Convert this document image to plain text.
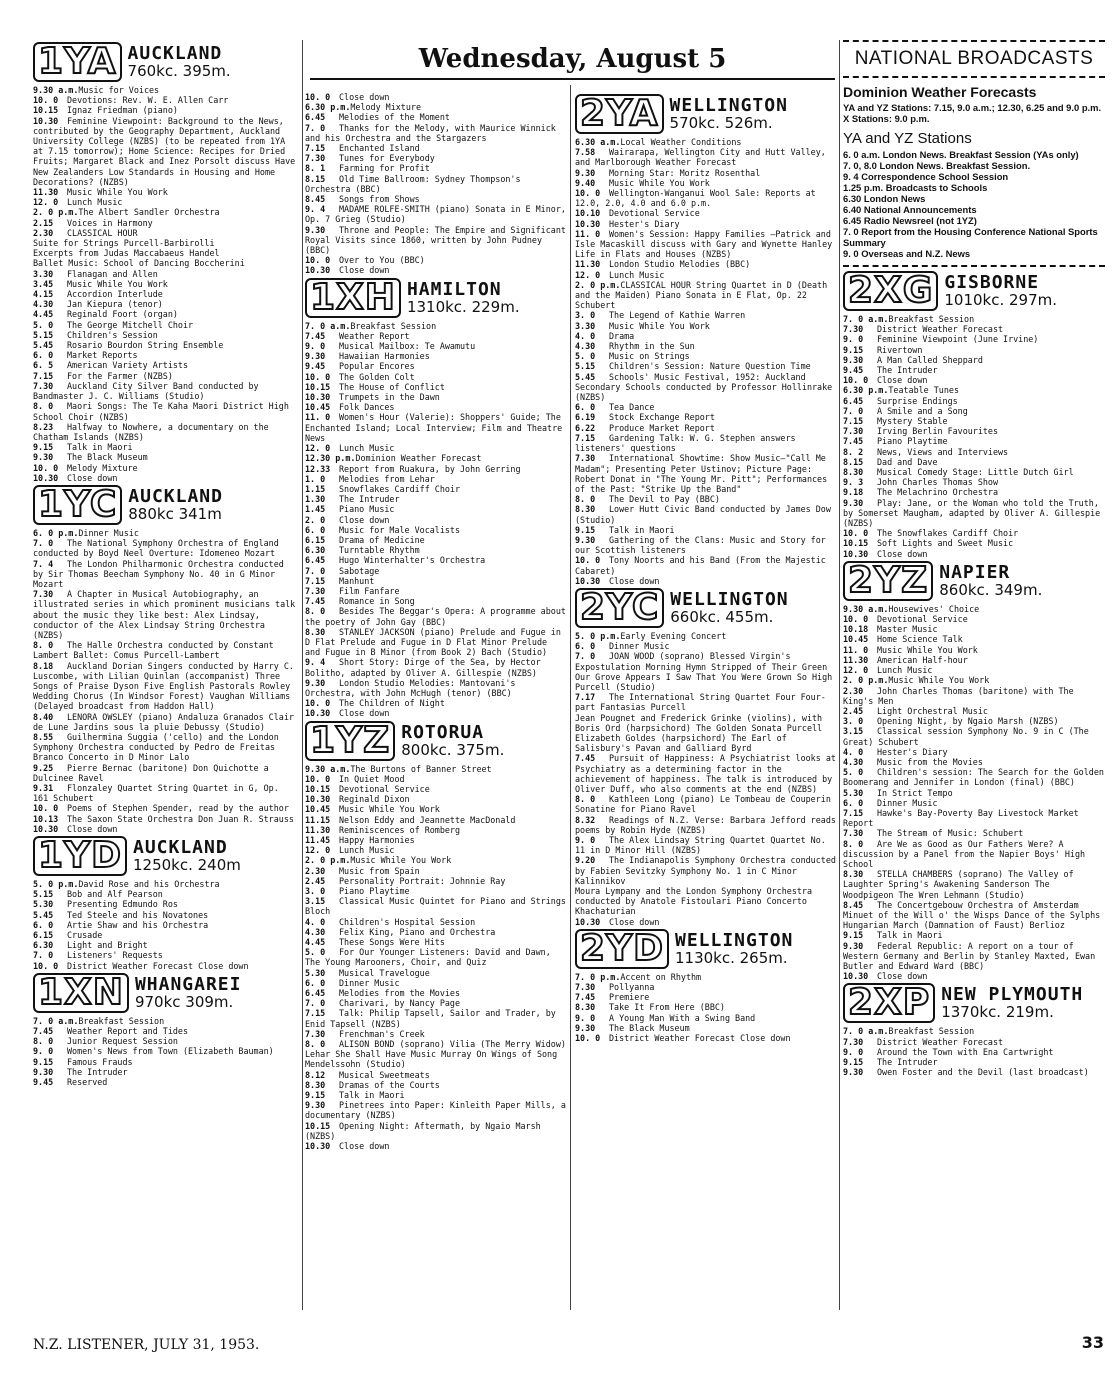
Wednesday, August 5
1YA AUCKLAND
760kc. 395m.
9.30 a.m.Music for Voices
10. 0Devotions: Rev. W. E. Allen Carr
10.15Ignaz Friedman (piano)
10.30Feminine Viewpoint: Background to the News, contributed by the Geography Department, Auckland University College (NZBS) (to be repeated from 1YA at 7.15 tomorrow); Home Science: Recipes for Dried Fruits; Margaret Black and Inez Porsolt discuss Have New Zealanders Low Standards in Housing and Home Decorations? (NZBS)
11.30Music While You Work
12. 0Lunch Music
2. 0 p.m.The Albert Sandler Orchestra
2.15Voices in Harmony
2.30CLASSICAL HOUR
Suite for Strings Purcell-Barbirolli
Excerpts from Judas Maccabaeus Handel
Ballet Music: School of Dancing Boccherini
3.30Flanagan and Allen
3.45Music While You Work
4.15Accordion Interlude
4.30Jan Kiepura (tenor)
4.45Reginald Foort (organ)
5. 0The George Mitchell Choir
5.15Children's Session
5.45Rosario Bourdon String Ensemble
6. 0Market Reports
6. 5American Variety Artists
7.15For the Farmer (NZBS)
7.30Auckland City Silver Band conducted by Bandmaster J. C. Williams (Studio)
8. 0Maori Songs: The Te Kaha Maori District High School Choir (NZBS)
8.23Halfway to Nowhere, a documentary on the Chatham Islands (NZBS)
9.15Talk in Maori
9.30The Black Museum
10. 0Melody Mixture
10.30Close down
1YC AUCKLAND
880kc 341m
6. 0 p.m.Dinner Music
7. 0The National Symphony Orchestra of England conducted by Boyd Neel Overture: Idomeneo Mozart
7. 4The London Philharmonic Orchestra conducted by Sir Thomas Beecham Symphony No. 40 in G Minor Mozart
7.30A Chapter in Musical Autobiography, an illustrated series in which prominent musicians talk about the music they like best: Alex Lindsay, conductor of the Alex Lindsay String Orchestra (NZBS)
8. 0The Halle Orchestra conducted by Constant Lambert Ballet: Comus Purcell-Lambert
8.18Auckland Dorian Singers conducted by Harry C. Luscombe, with Lilian Quinlan (accompanist) Three Songs of Praise Dyson Five English Pastorals Rowley Wedding Chorus (In Windsor Forest) Vaughan Williams (Delayed broadcast from Haddon Hall)
8.40LENORA OWSLEY (piano) Andaluza Granados Clair de Lune Jardins sous la pluie Debussy (Studio)
8.55Guilhermina Suggia ('cello) and the London Symphony Orchestra conducted by Pedro de Freitas Branco Concerto in D Minor Lalo
9.25Pierre Bernac (baritone) Don Quichotte a Dulcinee Ravel
9.31Flonzaley Quartet String Quartet in G, Op. 161 Schubert
10. 0Poems of Stephen Spender, read by the author
10.13The Saxon State Orchestra Don Juan R. Strauss
10.30Close down
1YD AUCKLAND
1250kc. 240m
5. 0 p.m.David Rose and his Orchestra
5.15Bob and Alf Pearson
5.30Presenting Edmundo Ros
5.45Ted Steele and his Novatones
6. 0Artie Shaw and his Orchestra
6.15Crusade
6.30Light and Bright
7. 0Listeners' Requests
10. 0District Weather Forecast Close down
1XN WHANGAREI
970kc 309m.
7. 0 a.m.Breakfast Session
7.45Weather Report and Tides
8. 0Junior Request Session
9. 0Women's News from Town (Elizabeth Bauman)
9.15Famous Frauds
9.30The Intruder
9.45Reserved
10. 0Close down
6.30 p.m.Melody Mixture
6.45Melodies of the Moment
7. 0Thanks for the Melody, with Maurice Winnick and his Orchestra and the Stargazers
7.15Enchanted Island
7.30Tunes for Everybody
8. 1Farming for Profit
8.15Old Time Ballroom: Sydney Thompson's Orchestra (BBC)
8.45Songs from Shows
9. 4MADAME ROLFE-SMITH (piano) Sonata in E Minor, Op. 7 Grieg (Studio)
9.30Throne and People: The Empire and Significant Royal Visits since 1860, written by John Pudney (BBC)
10. 0Over to You (BBC)
10.30Close down
1XH HAMILTON
1310kc. 229m.
7. 0 a.m.Breakfast Session
7.45Weather Report
9. 0Musical Mailbox: Te Awamutu
9.30Hawaiian Harmonies
9.45Popular Encores
10. 0The Golden Colt
10.15The House of Conflict
10.30Trumpets in the Dawn
10.45Folk Dances
11. 0Women's Hour (Valerie): Shoppers' Guide; The Enchanted Island; Local Interview; Film and Theatre News
12. 0Lunch Music
12.30 p.m.Dominion Weather Forecast
12.33Report from Ruakura, by John Gerring
1. 0Melodies from Lehar
1.15Snowflakes Cardiff Choir
1.30The Intruder
1.45Piano Music
2. 0Close down
6. 0Music for Male Vocalists
6.15Drama of Medicine
6.30Turntable Rhythm
6.45Hugo Winterhalter's Orchestra
7. 0Sabotage
7.15Manhunt
7.30Film Fanfare
7.45Romance in Song
8. 0Besides The Beggar's Opera: A programme about the poetry of John Gay (BBC)
8.30STANLEY JACKSON (piano) Prelude and Fugue in D Flat Prelude and Fugue in D Flat Minor Prelude and Fugue in B Minor (from Book 2) Bach (Studio)
9. 4Short Story: Dirge of the Sea, by Hector Bolitho, adapted by Oliver A. Gillespie (NZBS)
9.30London Studio Melodies: Mantovani's Orchestra, with John McHugh (tenor) (BBC)
10. 0The Children of Night
10.30Close down
1YZ ROTORUA
800kc. 375m.
9.30 a.m.The Burtons of Banner Street
10. 0In Quiet Mood
10.15Devotional Service
10.30Reginald Dixon
10.45Music While You Work
11.15Nelson Eddy and Jeannette MacDonald
11.30Reminiscences of Romberg
11.45Happy Harmonies
12. 0Lunch Music
2. 0 p.m.Music While You Work
2.30Music from Spain
2.45Personality Portrait: Johnnie Ray
3. 0Piano Playtime
3.15Classical Music Quintet for Piano and Strings Bloch
4. 0Children's Hospital Session
4.30Felix King, Piano and Orchestra
4.45These Songs Were Hits
5. 0For Our Younger Listeners: David and Dawn, The Young Marooners, Choir, and Quiz
5.30Musical Travelogue
6. 0Dinner Music
6.45Melodies from the Movies
7. 0Charivari, by Nancy Page
7.15Talk: Philip Tapsell, Sailor and Trader, by Enid Tapsell (NZBS)
7.30Frenchman's Creek
8. 0ALISON BOND (soprano) Vilia (The Merry Widow) Lehar She Shall Have Music Murray On Wings of Song Mendelssohn (Studio)
8.12Musical Sweetmeats
8.30Dramas of the Courts
9.15Talk in Maori
9.30Pinetrees into Paper: Kinleith Paper Mills, a documentary (NZBS)
10.15Opening Night: Aftermath, by Ngaio Marsh (NZBS)
10.30Close down
2YA WELLINGTON
570kc. 526m.
6.30 a.m.Local Weather Conditions
7.58Wairarapa, Wellington City and Hutt Valley, and Marlborough Weather Forecast
9.30Morning Star: Moritz Rosenthal
9.40Music While You Work
10. 0Wellington-Wanganui Wool Sale: Reports at 12.0, 2.0, 4.0 and 6.0 p.m.
10.10Devotional Service
10.30Hester's Diary
11. 0Women's Session: Happy Families —Patrick and Isle Macaskill discuss with Gary and Wynette Hanley Life in Flats and Houses (NZBS)
11.30London Studio Melodies (BBC)
12. 0Lunch Music
2. 0 p.m.CLASSICAL HOUR String Quartet in D (Death and the Maiden) Piano Sonata in E Flat, Op. 22 Schubert
3. 0The Legend of Kathie Warren
3.30Music While You Work
4. 0Drama
4.30Rhythm in the Sun
5. 0Music on Strings
5.15Children's Session: Nature Question Time
5.45Schools' Music Festival, 1952: Auckland Secondary Schools conducted by Professor Hollinrake (NZBS)
6. 0Tea Dance
6.19Stock Exchange Report
6.22Produce Market Report
7.15Gardening Talk: W. G. Stephen answers listeners' questions
7.30International Showtime: Show Music—"Call Me Madam"; Presenting Peter Ustinov; Picture Page: Robert Donat in "The Young Mr. Pitt"; Performances of the Past: "Strike Up the Band"
8. 0The Devil to Pay (BBC)
8.30Lower Hutt Civic Band conducted by James Dow (Studio)
9.15Talk in Maori
9.30Gathering of the Clans: Music and Story for our Scottish listeners
10. 0Tony Noorts and his Band (From the Majestic Cabaret)
10.30Close down
2YC WELLINGTON
660kc. 455m.
5. 0 p.m.Early Evening Concert
6. 0Dinner Music
7. 0JOAN WOOD (soprano) Blessed Virgin's Expostulation Morning Hymn Stripped of Their Green Our Grove Appears I Saw That You Were Grown So High Purcell (Studio)
7.17The International String Quartet Four Four-part Fantasias Purcell
Jean Pougnet and Frederick Grinke (violins), with Boris Ord (harpsichord) The Golden Sonata Purcell
Elizabeth Goldes (harpsichord) The Earl of Salisbury's Pavan and Galliard Byrd
7.45Pursuit of Happiness: A Psychiatrist looks at Psychiatry as a determining factor in the achievement of happiness. The talk is introduced by Oliver Duff, who also comments at the end (NZBS)
8. 0Kathleen Long (piano) Le Tombeau de Couperin Sonatine for Piano Ravel
8.32Readings of N.Z. Verse: Barbara Jefford reads poems by Robin Hyde (NZBS)
9. 0The Alex Lindsay String Quartet Quartet No. 11 in D Minor Hill (NZBS)
9.20The Indianapolis Symphony Orchestra conducted by Fabien Sevitzky Symphony No. 1 in C Minor Kalinnikov
Moura Lympany and the London Symphony Orchestra conducted by Anatole Fistoulari Piano Concerto Khachaturian
10.30Close down
2YD WELLINGTON
1130kc. 265m.
7. 0 p.m.Accent on Rhythm
7.30Pollyanna
7.45Premiere
8.30Take It From Here (BBC)
9. 0A Young Man With a Swing Band
9.30The Black Museum
10. 0District Weather Forecast Close down
NATIONAL BROADCASTS
Dominion Weather Forecasts
YA and YZ Stations: 7.15, 9.0 a.m.; 12.30, 6.25 and 9.0 p.m.
X Stations: 9.0 p.m.
YA and YZ Stations
6. 0 a.m. London News. Breakfast Session (YAs only)
7. 0, 8.0 London News. Breakfast Session.
9. 4 Correspondence School Session
1.25 p.m. Broadcasts to Schools
6.30 London News
6.40 National Announcements
6.45 Radio Newsreel (not 1YZ)
7. 0 Report from the Housing Conference National Sports Summary
9. 0 Overseas and N.Z. News
2XG GISBORNE
1010kc. 297m.
7. 0 a.m.Breakfast Session
7.30District Weather Forecast
9. 0Feminine Viewpoint (June Irvine)
9.15Rivertown
9.30A Man Called Sheppard
9.45The Intruder
10. 0Close down
6.30 p.m.Teatable Tunes
6.45Surprise Endings
7. 0A Smile and a Song
7.15Mystery Stable
7.30Irving Berlin Favourites
7.45Piano Playtime
8. 2News, Views and Interviews
8.15Dad and Dave
8.30Musical Comedy Stage: Little Dutch Girl
9. 3John Charles Thomas Show
9.18The Melachrino Orchestra
9.30Play: Jane, or the Woman who told the Truth, by Somerset Maugham, adapted by Oliver A. Gillespie (NZBS)
10. 0The Snowflakes Cardiff Choir
10.15Soft Lights and Sweet Music
10.30Close down
2YZ NAPIER
860kc. 349m.
9.30 a.m.Housewives' Choice
10. 0Devotional Service
10.18Master Music
10.45Home Science Talk
11. 0Music While You Work
11.30American Half-hour
12. 0Lunch Music
2. 0 p.m.Music While You Work
2.30John Charles Thomas (baritone) with The King's Men
2.45Light Orchestral Music
3. 0Opening Night, by Ngaio Marsh (NZBS)
3.15Classical session Symphony No. 9 in C (The Great) Schubert
4. 0Hester's Diary
4.30Music from the Movies
5. 0Children's session: The Search for the Golden Boomerang and Jennifer in London (final) (BBC)
5.30In Strict Tempo
6. 0Dinner Music
7.15Hawke's Bay-Poverty Bay Livestock Market Report
7.30The Stream of Music: Schubert
8. 0Are We as Good as Our Fathers Were? A discussion by a Panel from the Napier Boys' High School
8.30STELLA CHAMBERS (soprano) The Valley of Laughter Spring's Awakening Sanderson The Woodpigeon The Wren Lehmann (Studio)
8.45The Concertgebouw Orchestra of Amsterdam Minuet of the Will o' the Wisps Dance of the Sylphs Hungarian March (Damnation of Faust) Berlioz
9.15Talk in Maori
9.30Federal Republic: A report on a tour of Western Germany and Berlin by Stanley Maxted, Ewan Butler and Edward Ward (BBC)
10.30Close down
2XP NEW PLYMOUTH
1370kc. 219m.
7. 0 a.m.Breakfast Session
7.30District Weather Forecast
9. 0Around the Town with Ena Cartwright
9.15The Intruder
9.30Owen Foster and the Devil (last broadcast)
N.Z. LISTENER, JULY 31, 1953.	33
